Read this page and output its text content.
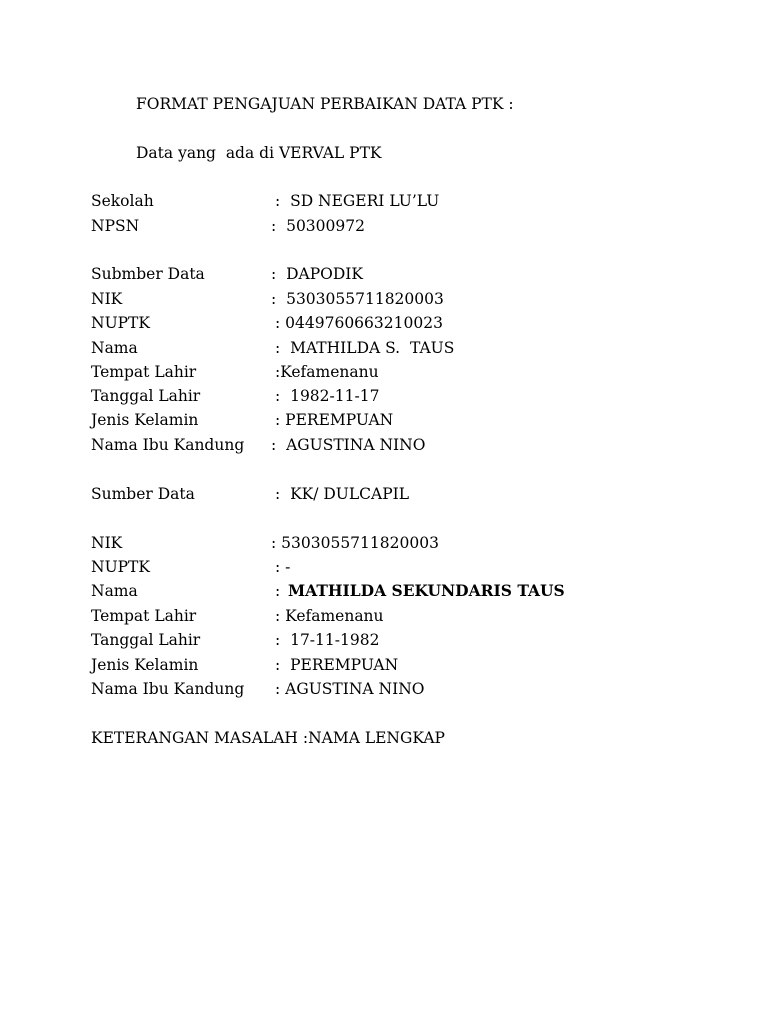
FORMAT PENGAJUAN PERBAIKAN DATA PTK :
Data yang  ada di VERVAL PTK
Sekolah	:  SD NEGERI LU’LU
NPSN	:  50300972
Submber Data	:  DAPODIK
NIK	:  5303055711820003
NUPTK	: 0449760663210023
Nama	:  MATHILDA S.  TAUS
Tempat Lahir	:Kefamenanu
Tanggal Lahir	:  1982-11-17
Jenis Kelamin	: PEREMPUAN
Nama Ibu Kandung :  AGUSTINA NINO
Sumber Data	:  KK/ DULCAPIL
NIK	: 5303055711820003
NUPTK	: -
Nama	: MATHILDA SEKUNDARIS TAUS
Tempat Lahir	: Kefamenanu
Tanggal Lahir	:  17-11-1982
Jenis Kelamin	:  PEREMPUAN
Nama Ibu Kandung : AGUSTINA NINO
KETERANGAN MASALAH :NAMA LENGKAP
